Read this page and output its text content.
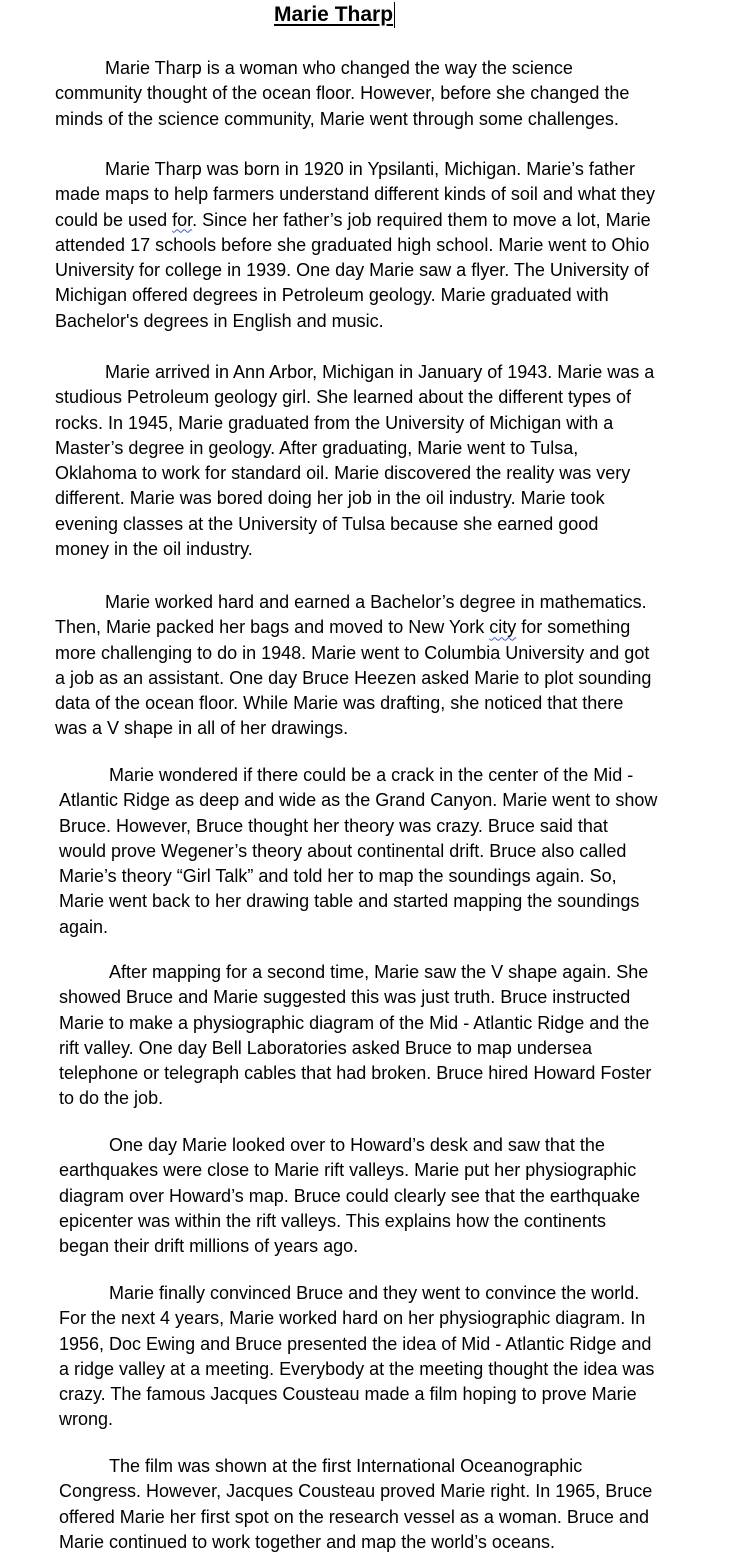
Marie Tharp
Marie Tharp is a woman who changed the way the science
community thought of the ocean floor. However, before she changed the
minds of the science community, Marie went through some challenges.
Marie Tharp was born in 1920 in Ypsilanti, Michigan. Marie’s father
made maps to help farmers understand different kinds of soil and what they
could be used for. Since her father’s job required them to move a lot, Marie
attended 17 schools before she graduated high school. Marie went to Ohio
University for college in 1939. One day Marie saw a flyer. The University of
Michigan offered degrees in Petroleum geology. Marie graduated with
Bachelor's degrees in English and music.
Marie arrived in Ann Arbor, Michigan in January of 1943. Marie was a
studious Petroleum geology girl. She learned about the different types of
rocks. In 1945, Marie graduated from the University of Michigan with a
Master’s degree in geology. After graduating, Marie went to Tulsa,
Oklahoma to work for standard oil. Marie discovered the reality was very
different. Marie was bored doing her job in the oil industry. Marie took
evening classes at the University of Tulsa because she earned good
money in the oil industry.
Marie worked hard and earned a Bachelor’s degree in mathematics.
Then, Marie packed her bags and moved to New York city for something
more challenging to do in 1948. Marie went to Columbia University and got
a job as an assistant. One day Bruce Heezen asked Marie to plot sounding
data of the ocean floor. While Marie was drafting, she noticed that there
was a V shape in all of her drawings.
Marie wondered if there could be a crack in the center of the Mid -
Atlantic Ridge as deep and wide as the Grand Canyon. Marie went to show
Bruce. However, Bruce thought her theory was crazy. Bruce said that
would prove Wegener’s theory about continental drift. Bruce also called
Marie’s theory “Girl Talk” and told her to map the soundings again. So,
Marie went back to her drawing table and started mapping the soundings
again.
After mapping for a second time, Marie saw the V shape again. She
showed Bruce and Marie suggested this was just truth. Bruce instructed
Marie to make a physiographic diagram of the Mid - Atlantic Ridge and the
rift valley. One day Bell Laboratories asked Bruce to map undersea
telephone or telegraph cables that had broken. Bruce hired Howard Foster
to do the job.
One day Marie looked over to Howard’s desk and saw that the
earthquakes were close to Marie rift valleys. Marie put her physiographic
diagram over Howard’s map. Bruce could clearly see that the earthquake
epicenter was within the rift valleys. This explains how the continents
began their drift millions of years ago.
Marie finally convinced Bruce and they went to convince the world.
For the next 4 years, Marie worked hard on her physiographic diagram. In
1956, Doc Ewing and Bruce presented the idea of Mid - Atlantic Ridge and
a ridge valley at a meeting. Everybody at the meeting thought the idea was
crazy. The famous Jacques Cousteau made a film hoping to prove Marie
wrong.
The film was shown at the first International Oceanographic
Congress. However, Jacques Cousteau proved Marie right. In 1965, Bruce
offered Marie her first spot on the research vessel as a woman. Bruce and
Marie continued to work together and map the world’s oceans.
